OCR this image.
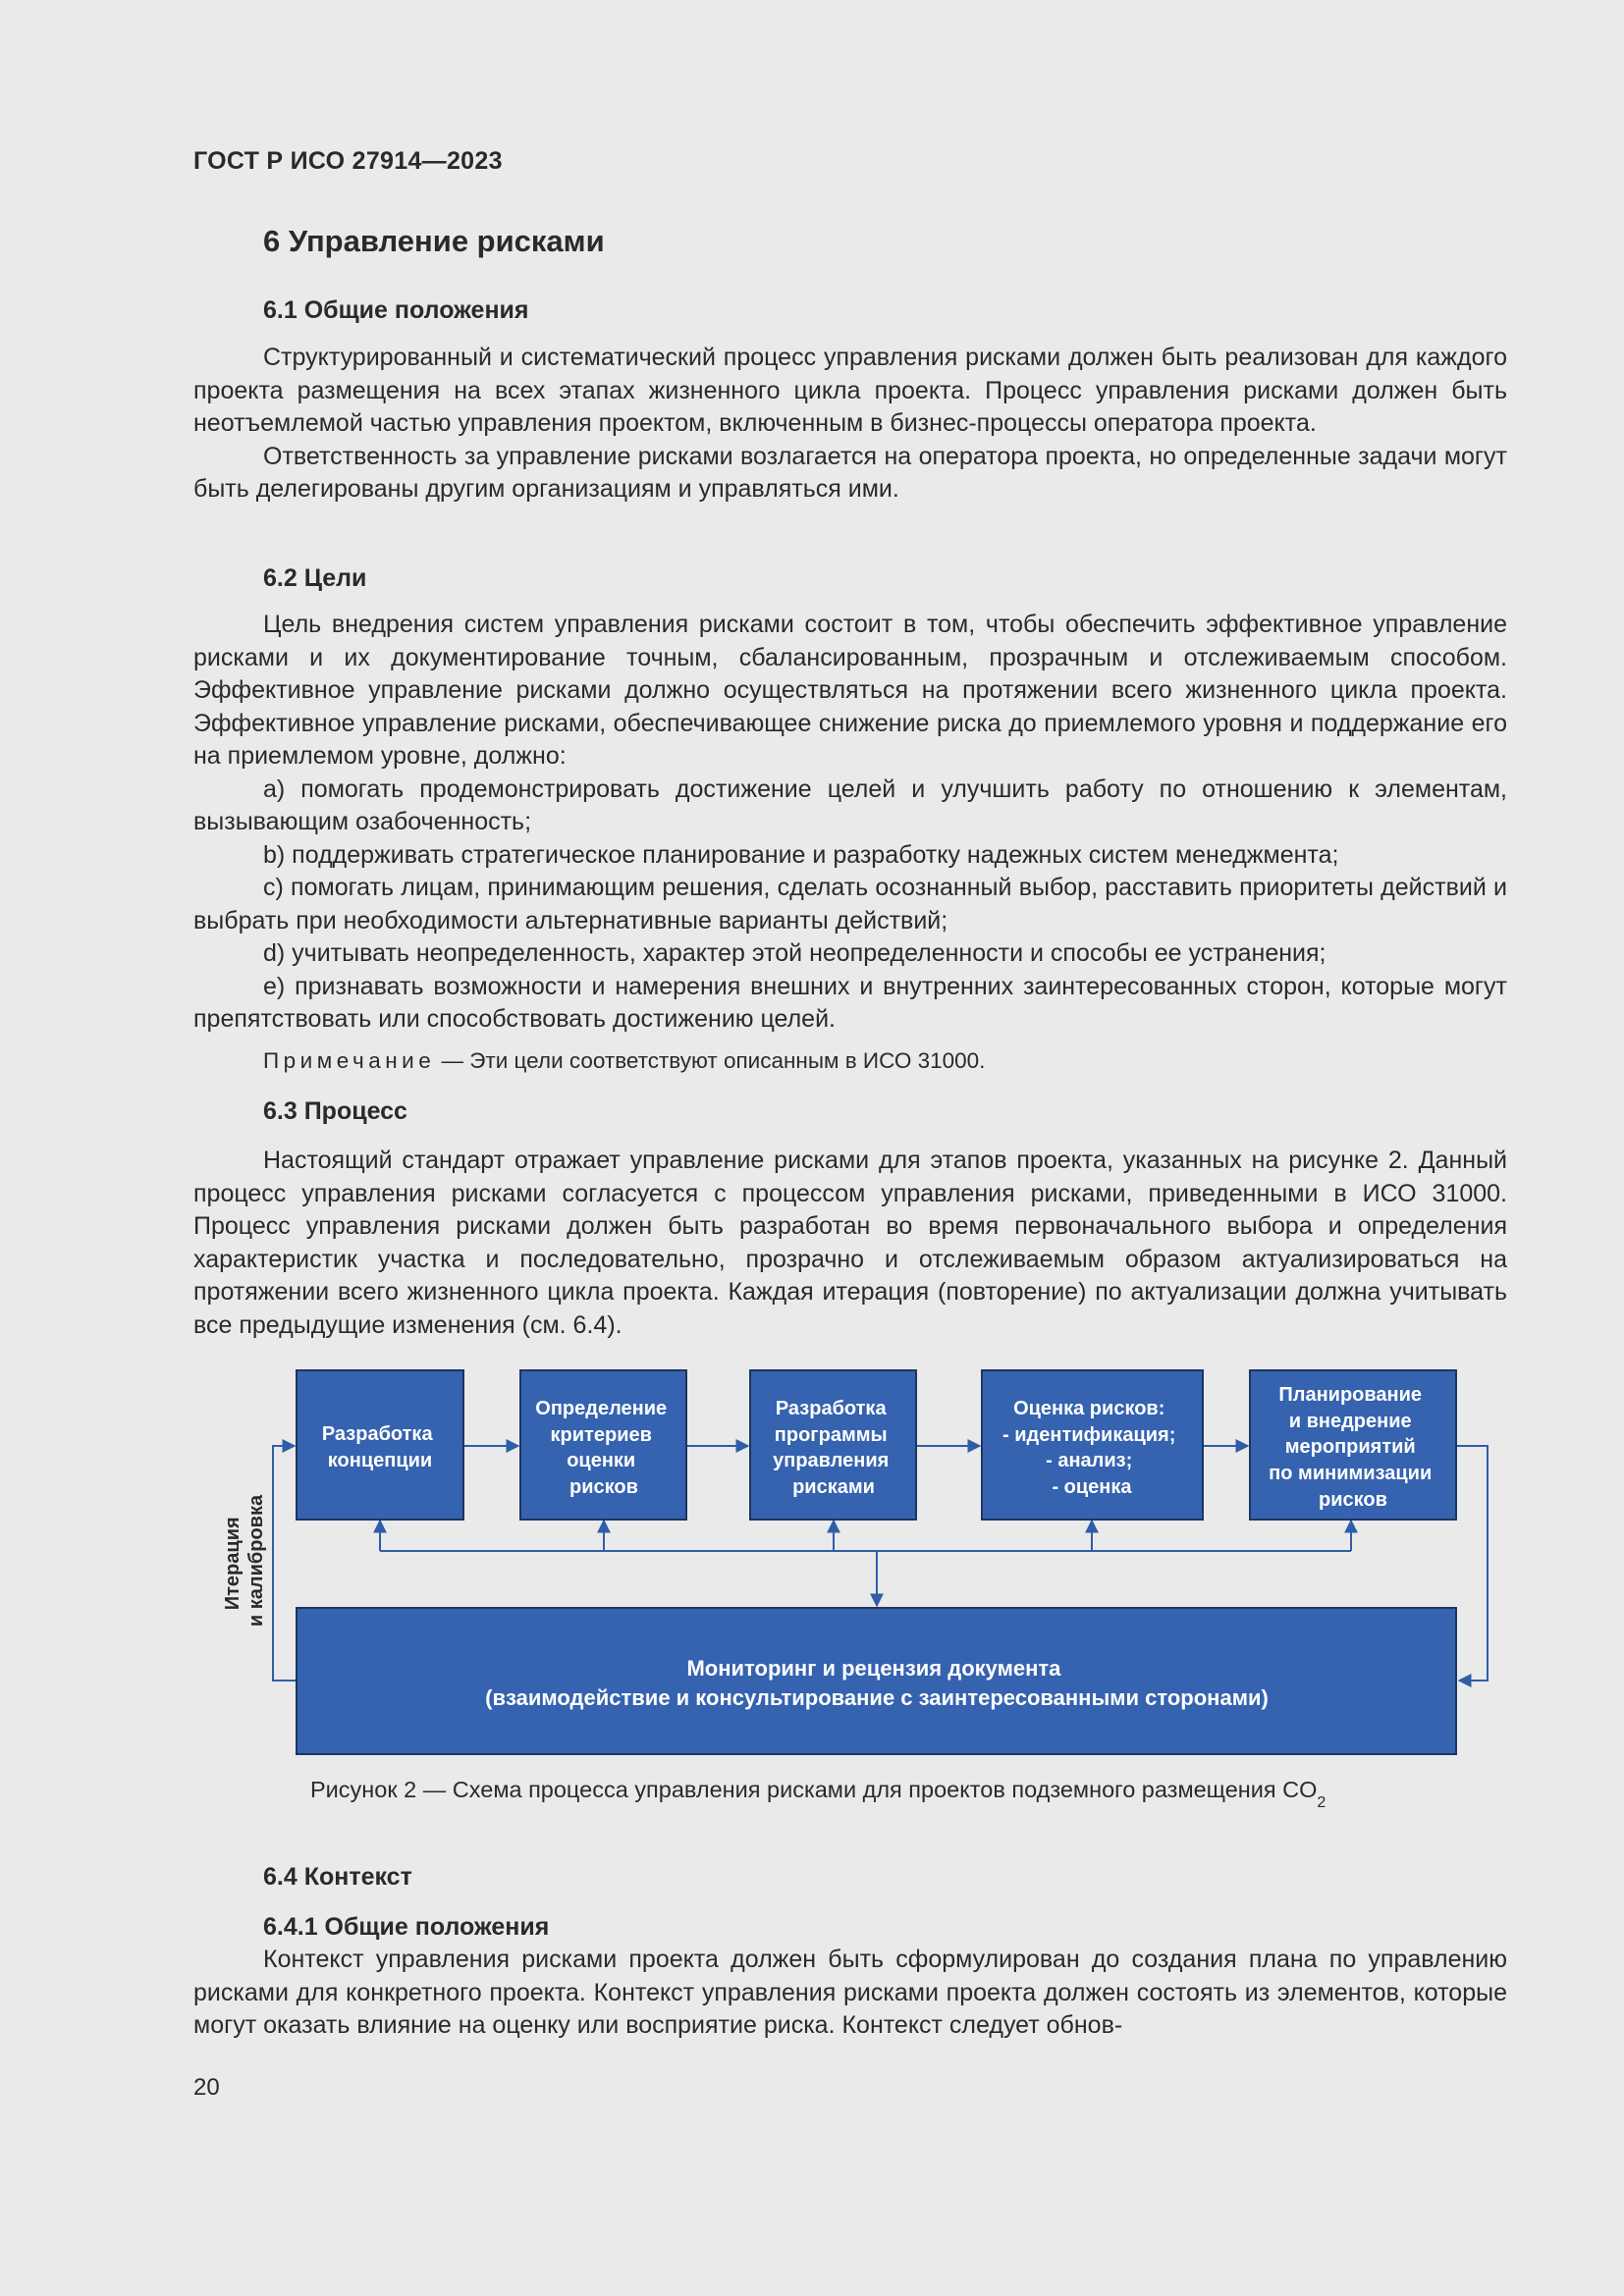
ГОСТ Р ИСО 27914—2023
6 Управление рисками
6.1 Общие положения

Структурированный и систематический процесс управления рисками должен быть реализован для каждого проекта размещения на всех этапах жизненного цикла проекта. Процесс управления рисками должен быть неотъемлемой частью управления проектом, включенным в бизнес-процессы оператора проекта.

Ответственность за управление рисками возлагается на оператора проекта, но определенные задачи могут быть делегированы другим организациям и управляться ими.

6.2 Цели

Цель внедрения систем управления рисками состоит в том, чтобы обеспечить эффективное управление рисками и их документирование точным, сбалансированным, прозрачным и отслеживаемым способом. Эффективное управление рисками должно осуществляться на протяжении всего жизненного цикла проекта. Эффективное управление рисками, обеспечивающее снижение риска до приемлемого уровня и поддержание его на приемлемом уровне, должно:

a) помогать продемонстрировать достижение целей и улучшить работу по отношению к элементам, вызывающим озабоченность;

b) поддерживать стратегическое планирование и разработку надежных систем менеджмента;

c) помогать лицам, принимающим решения, сделать осознанный выбор, расставить приоритеты действий и выбрать при необходимости альтернативные варианты действий;

d) учитывать неопределенность, характер этой неопределенности и способы ее устранения;

e) признавать возможности и намерения внешних и внутренних заинтересованных сторон, которые могут препятствовать или способствовать достижению целей.

Примечание — Эти цели соответствуют описанным в ИСО 31000.
6.3 Процесс

Настоящий стандарт отражает управление рисками для этапов проекта, указанных на рисунке 2. Данный процесс управления рисками согласуется с процессом управления рисками, приведенными в ИСО 31000. Процесс управления рисками должен быть разработан во время первоначального выбора и определения характеристик участка и последовательно, прозрачно и отслеживаемым образом актуализироваться на протяжении всего жизненного цикла проекта. Каждая итерация (повторение) по актуализации должна учитывать все предыдущие изменения (см. 6.4).

Разработка концепции
Определение критериев оценки рисков
Разработка программы управления рисками
Оценка рисков: - идентификация; - анализ; - оценка
Планирование и внедрение мероприятий по минимизации рисков
Мониторинг и рецензия документа (взаимодействие и консультирование с заинтересованными сторонами)
Итерация и калибровка
Рисунок 2 — Схема процесса управления рисками для проектов подземного размещения $CO_2$
6.4 Контекст
6.4.1 Общие положения

Контекст управления рисками проекта должен быть сформулирован до создания плана по управлению рисками для конкретного проекта. Контекст управления рисками проекта должен состоять из элементов, которые могут оказать влияние на оценку или восприятие риска. Контекст следует обнов-

20
